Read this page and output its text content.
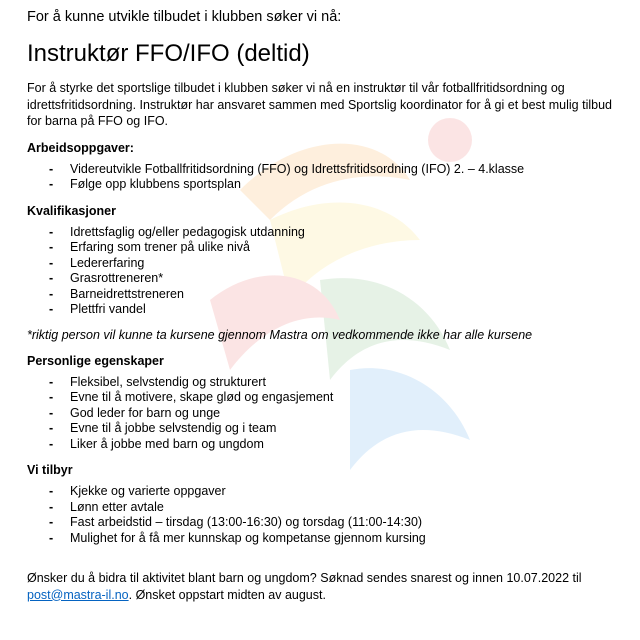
For å kunne utvikle tilbudet i klubben søker vi nå:

Instruktør FFO/IFO (deltid)

For å styrke det sportslige tilbudet i klubben søker vi nå en instruktør til vår fotballfritidsordning og idrettsfritidsordning. Instruktør har ansvaret sammen med Sportslig koordinator for å gi et best mulig tilbud for barna på FFO og IFO.

Arbeidsoppgaver:
- Videreutvikle Fotballfritidsordning (FFO) og Idrettsfritidsordning (IFO) 2. – 4.klasse
- Følge opp klubbens sportsplan
Kvalifikasjoner
- Idrettsfaglig og/eller pedagogisk utdanning
- Erfaring som trener på ulike nivå
- Ledererfaring
- Grasrottreneren*
- Barneidrettstreneren
- Plettfri vandel

*riktig person vil kunne ta kursene gjennom Mastra om vedkommende ikke har alle kursene

Personlige egenskaper
- Fleksibel, selvstendig og strukturert
- Evne til å motivere, skape glød og engasjement
- God leder for barn og unge
- Evne til å jobbe selvstendig og i team
- Liker å jobbe med barn og ungdom
Vi tilbyr
- Kjekke og varierte oppgaver
- Lønn etter avtale
- Fast arbeidstid – tirsdag (13:00-16:30) og torsdag (11:00-14:30)
- Mulighet for å få mer kunnskap og kompetanse gjennom kursing

Ønsker du å bidra til aktivitet blant barn og ungdom? Søknad sendes snarest og innen 10.07.2022 til post@mastra-il.no. Ønsket oppstart midten av august.
